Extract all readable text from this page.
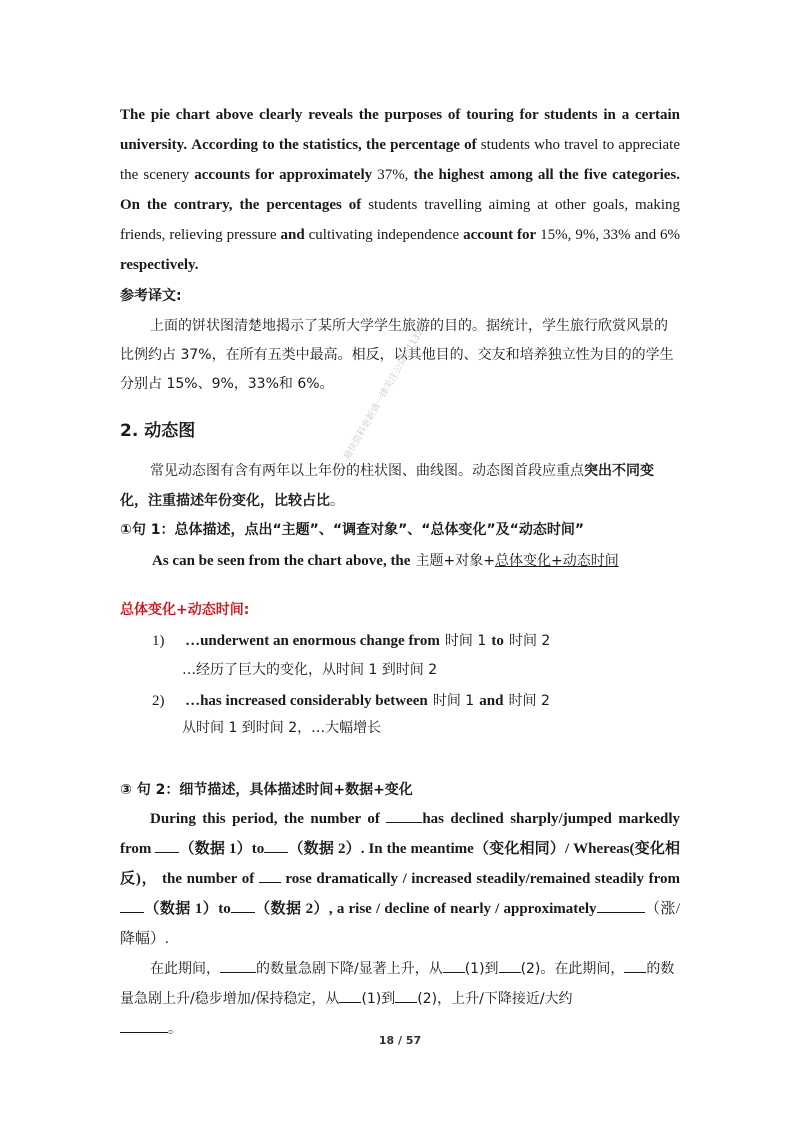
The pie chart above clearly reveals the purposes of touring for students in a certain university. According to the statistics, the percentage of students who travel to appreciate the scenery accounts for approximately 37%, the highest among all the five categories. On the contrary, the percentages of students travelling aiming at other goals, making friends, relieving pressure and cultivating independence account for 15%, 9%, 33% and 6% respectively.

参考译文:

上面的饼状图清楚地揭示了某所大学学生旅游的目的。据统计，学生旅行欣赏风景的比例约占 37%，在所有五类中最高。相反，以其他目的、交友和培养独立性为目的的学生分别占 15%、9%，33%和 6%。

2. 动态图

常见动态图有含有两年以上年份的柱状图、曲线图。动态图首段应重点突出不同变化，注重描述年份变化，比较占比。

①句 1：总体描述，点出“主题”、“调查对象”、“总体变化”及“动态时间”
As can be seen from the chart above, the 主题+对象+总体变化+动态时间
总体变化+动态时间:
1) …underwent an enormous change from 时间 1 to 时间 2
…经历了巨大的变化，从时间 1 到时间 2
2) …has increased considerably between 时间 1 and 时间 2
从时间 1 到时间 2，…大幅增长
③ 句 2：细节描述，具体描述时间+数据+变化

During this period, the number of	has declined sharply/jumped markedly from （数据 1）to （数据 2）. In the meantime（变化相同）/ Whereas(变化相反)， the number of rose dramatically / increased steadily/remained steadily from（数据 1）to （数据 2）, a rise / decline of nearly / approximately	（涨/降幅）.

在此期间，	的数量急剧下降/显著上升，从 (1)到 (2)。在此期间， 的数量急剧上升/稳步增加/保持稳定，从 (1)到 (2)，上升/下降接近/大约
。

最快资料更新请一律关注公众号11321
18 / 57
